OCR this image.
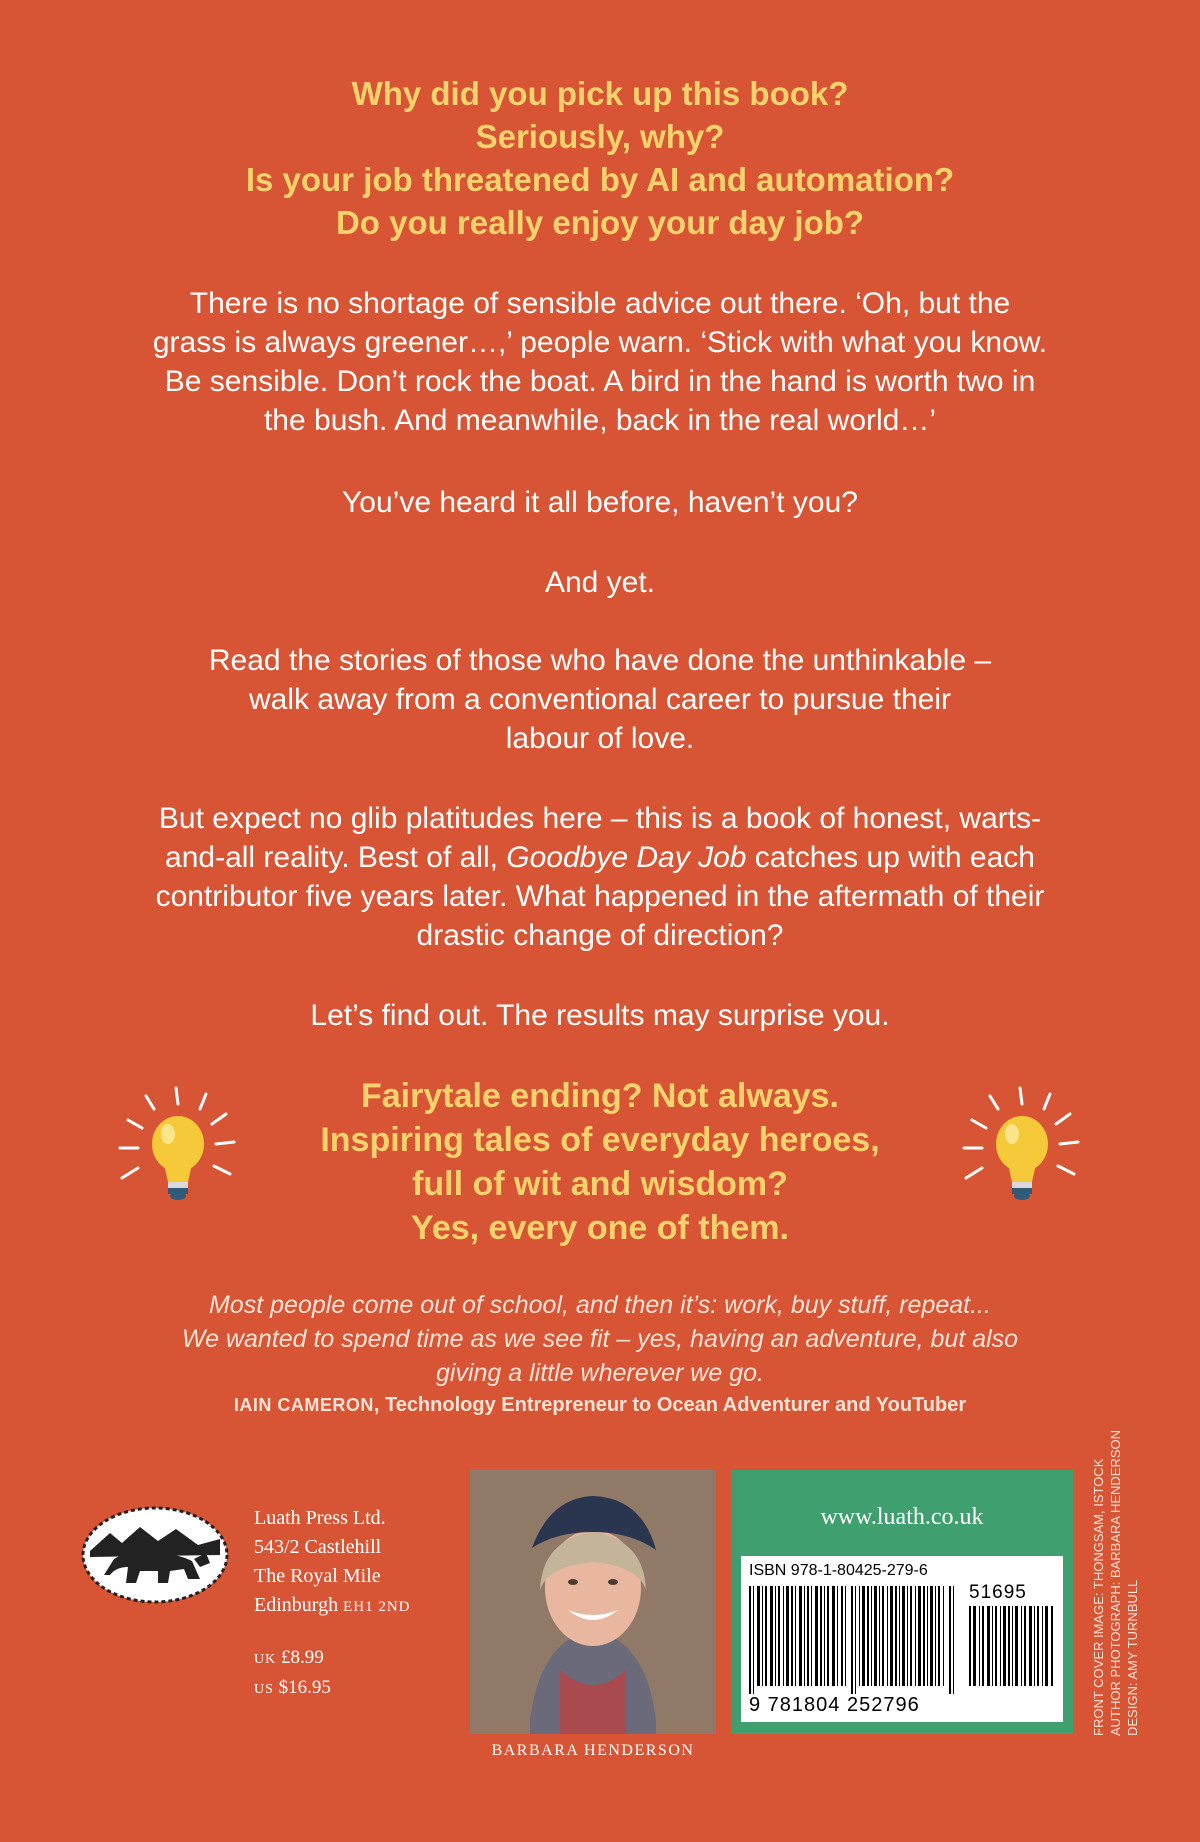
Why did you pick up this book?
Seriously, why?
Is your job threatened by AI and automation?
Do you really enjoy your day job?
There is no shortage of sensible advice out there. ‘Oh, but the
grass is always greener…,’ people warn. ‘Stick with what you know.
Be sensible. Don’t rock the boat. A bird in the hand is worth two in
the bush. And meanwhile, back in the real world…’
You’ve heard it all before, haven’t you?
And yet.
Read the stories of those who have done the unthinkable –
walk away from a conventional career to pursue their
labour of love.
But expect no glib platitudes here – this is a book of honest, warts-
and-all reality. Best of all, Goodbye Day Job catches up with each
contributor five years later. What happened in the aftermath of their
drastic change of direction?
Let’s find out. The results may surprise you.
Fairytale ending? Not always.
Inspiring tales of everyday heroes,
full of wit and wisdom?
Yes, every one of them.
Most people come out of school, and then it’s: work, buy stuff, repeat...
We wanted to spend time as we see fit – yes, having an adventure, but also
giving a little wherever we go.
IAIN CAMERON, Technology Entrepreneur to Ocean Adventurer and YouTuber
Luath Press Ltd.
543/2 Castlehill
The Royal Mile
Edinburgh EH1 2ND
UK £8.99
US $16.95
BARBARA HENDERSON
www.luath.co.uk
ISBN 978-1-80425-279-6
51695
9 781804 252796	FRONT COVER IMAGE: THONGSAM, ISTOCK AUTHOR PHOTOGRAPH: BARBARA HENDERSON DESIGN: AMY TURNBULL
